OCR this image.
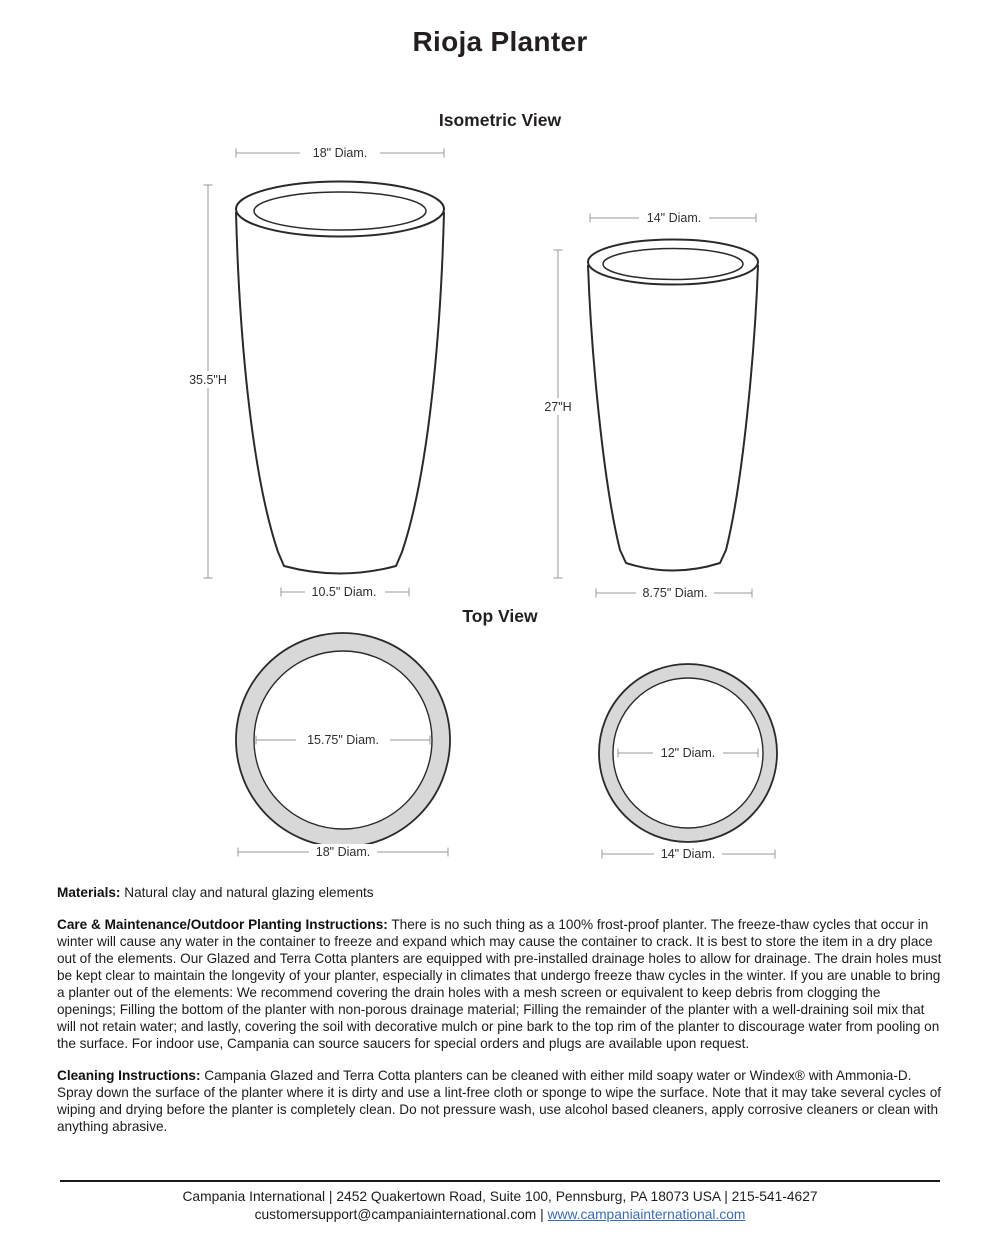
Rioja Planter
Isometric View
Top View
18" Diam.
35.5"H
10.5" Diam.
14" Diam.
27"H
8.75" Diam.
15.75" Diam.
18" Diam.
12" Diam.
14" Diam.

Materials: Natural clay and natural glazing elements

Care & Maintenance/Outdoor Planting Instructions: There is no such thing as a 100% frost-proof planter. The freeze-thaw cycles that occur in winter will cause any water in the container to freeze and expand which may cause the container to crack. It is best to store the item in a dry place out of the elements. Our Glazed and Terra Cotta planters are equipped with pre-installed drainage holes to allow for drainage. The drain holes must be kept clear to maintain the longevity of your planter, especially in climates that undergo freeze thaw cycles in the winter. If you are unable to bring a planter out of the elements: We recommend covering the drain holes with a mesh screen or equivalent to keep debris from clogging the openings; Filling the bottom of the planter with non-porous drainage material; Filling the remainder of the planter with a well-draining soil mix that will not retain water; and lastly, covering the soil with decorative mulch or pine bark to the top rim of the planter to discourage water from pooling on the surface. For indoor use, Campania can source saucers for special orders and plugs are available upon request.

Cleaning Instructions: Campania Glazed and Terra Cotta planters can be cleaned with either mild soapy water or Windex® with Ammonia-D. Spray down the surface of the planter where it is dirty and use a lint-free cloth or sponge to wipe the surface. Note that it may take several cycles of wiping and drying before the planter is completely clean. Do not pressure wash, use alcohol based cleaners, apply corrosive cleaners or clean with anything abrasive.

Campania International | 2452 Quakertown Road, Suite 100, Pennsburg, PA 18073 USA | 215-541-4627
customersupport@campaniainternational.com | www.campaniainternational.com
